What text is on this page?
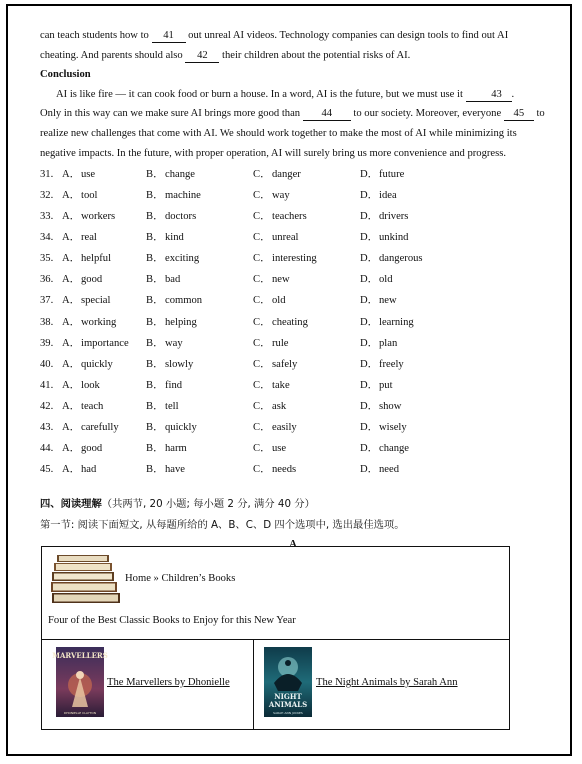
can teach students how to 41 out unreal AI videos. Technology companies can design tools to find out AI

cheating. And parents should also 42 their children about the potential risks of AI.

Conclusion

AI is like fire — it can cook food or burn a house. In a word, AI is the future, but we must use it	43 .

Only in this way can we make sure AI brings more good than 44 to our society. Moreover, everyone 45 to realize new challenges that come with AI. We should work together to make the most of AI while minimizing its negative impacts. In the future, with proper operation, AI will surely bring us more convenience and progress.

31. A． use	B． change	C． danger	D． future
32. A． tool	B． machine	C． way	D． idea
33. A． workers	B． doctors	C． teachers	D． drivers
34. A． real	B． kind	C． unreal	D． unkind
35. A． helpful	B． exciting	C． interesting	D． dangerous
36. A． good	B． bad	C． new	D． old
37. A． special	B． common	C． old	D． new
38. A． working	B． helping	C． cheating	D． learning
39. A． importance B． way	C． rule	D． plan
40. A． quickly	B． slowly	C． safely	D． freely
41. A． look	B． find	C． take	D． put
42. A． teach	B． tell	C． ask	D． show
43. A． carefully	B． quickly	C． easily	D． wisely
44. A． good	B． harm	C． use	D． change
45. A． had	B． have	C． needs	D． need
四、阅读理解（共两节, 20 小题; 每小题 2 分, 满分 40 分）
第一节: 阅读下面短文, 从每题所给的 A、B、C、D 四个选项中, 选出最佳选项。
A
Home » Children’s Books
Four of the Best Classic Books to Enjoy for this New Year
MARVELLERS
DHONIELLE CLAYTON
The Marvellers by Dhonielle
NIGHT
ANIMALS
SARAH ANN JUCKES
The Night Animals by Sarah Ann
